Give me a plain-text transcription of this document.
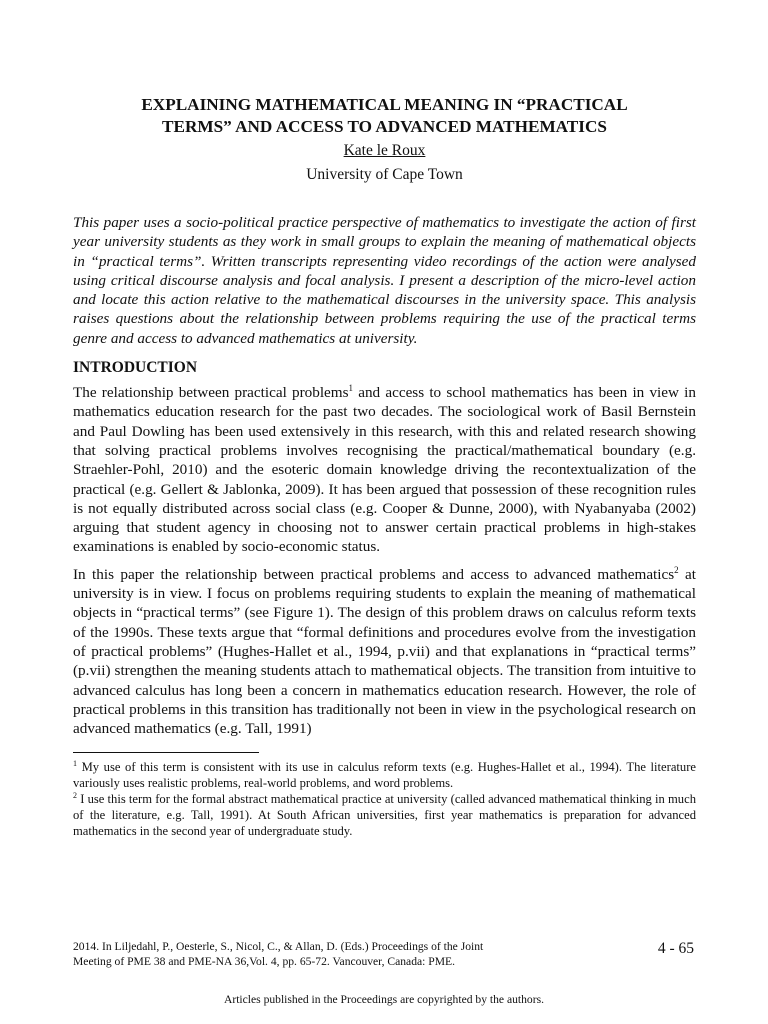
EXPLAINING MATHEMATICAL MEANING IN “PRACTICAL
TERMS” AND ACCESS TO ADVANCED MATHEMATICS
Kate le Roux
University of Cape Town
This paper uses a socio-political practice perspective of mathematics to investigate the action of first year university students as they work in small groups to explain the meaning of mathematical objects in “practical terms”. Written transcripts representing video recordings of the action were analysed using critical discourse analysis and focal analysis. I present a description of the micro-level action and locate this action relative to the mathematical discourses in the university space. This analysis raises questions about the relationship between problems requiring the use of the practical terms genre and access to advanced mathematics at university.
INTRODUCTION
The relationship between practical problems$^1$ and access to school mathematics has been in view in mathematics education research for the past two decades. The sociological work of Basil Bernstein and Paul Dowling has been used extensively in this research, with this and related research showing that solving practical problems involves recognising the practical/mathematical boundary (e.g. Straehler-Pohl, 2010) and the esoteric domain knowledge driving the recontextualization of the practical (e.g. Gellert & Jablonka, 2009). It has been argued that possession of these recognition rules is not equally distributed across social class (e.g. Cooper & Dunne, 2000), with Nyabanyaba (2002) arguing that student agency in choosing not to answer certain practical problems in high-stakes examinations is enabled by socio-economic status.
In this paper the relationship between practical problems and access to advanced mathematics$^2$ at university is in view. I focus on problems requiring students to explain the meaning of mathematical objects in “practical terms” (see Figure 1). The design of this problem draws on calculus reform texts of the 1990s. These texts argue that “formal definitions and procedures evolve from the investigation of practical problems” (Hughes-Hallet et al., 1994, p.vii) and that explanations in “practical terms” (p.vii) strengthen the meaning students attach to mathematical objects. The transition from intuitive to advanced calculus has long been a concern in mathematics education research. However, the role of practical problems in this transition has traditionally not been in view in the psychological research on advanced mathematics (e.g. Tall, 1991)
$^1$ My use of this term is consistent with its use in calculus reform texts (e.g. Hughes-Hallet et al., 1994). The literature variously uses realistic problems, real-world problems, and word problems.
$^2$ I use this term for the formal abstract mathematical practice at university (called advanced mathematical thinking in much of the literature, e.g. Tall, 1991). At South African universities, first year mathematics is preparation for advanced mathematics in the second year of undergraduate study.
2014. In Liljedahl, P., Oesterle, S., Nicol, C., & Allan, D. (Eds.) Proceedings of the Joint Meeting of PME 38 and PME-NA 36,Vol. 4, pp. 65-72. Vancouver, Canada: PME.
4 - 65
Articles published in the Proceedings are copyrighted by the authors.
